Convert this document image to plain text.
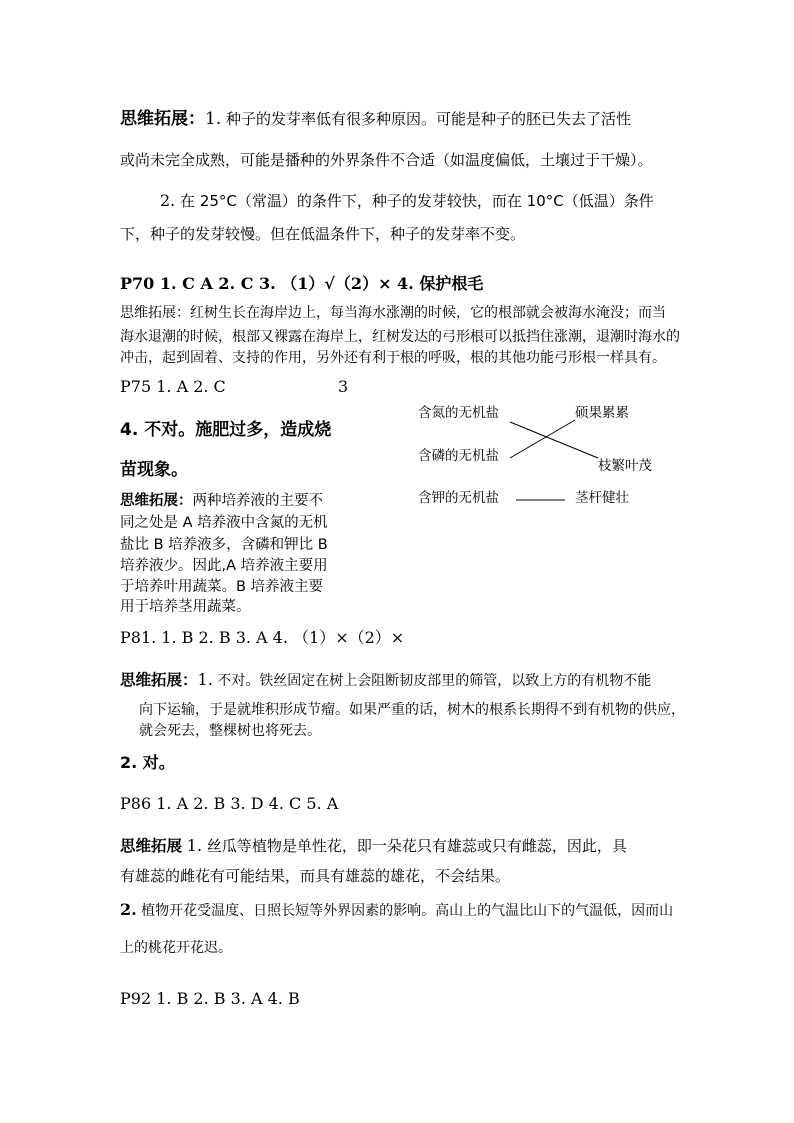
思维拓展：1. 种子的发芽率低有很多种原因。可能是种子的胚已失去了活性
或尚未完全成熟，可能是播种的外界条件不合适（如温度偏低，土壤过于干燥）。
2. 在 25°C（常温）的条件下，种子的发芽较快，而在 10°C（低温）条件
下，种子的发芽较慢。但在低温条件下，种子的发芽率不变。
P70 1. C A 2. C 3. （1）√（2）× 4. 保护根毛
思维拓展：红树生长在海岸边上，每当海水涨潮的时候，它的根部就会被海水淹没；而当
海水退潮的时候，根部又裸露在海岸上，红树发达的弓形根可以抵挡住涨潮，退潮时海水的
冲击，起到固着、支持的作用，另外还有利于根的呼吸，根的其他功能弓形根一样具有。
P75 1. A 2. C	3
4. 不对。施肥过多，造成烧
苗现象。
思维拓展：两种培养液的主要不
同之处是 A 培养液中含氮的无机
盐比 B 培养液多，含磷和钾比 B
培养液少。因此,A 培养液主要用
于培养叶用蔬菜。B 培养液主要
用于培养茎用蔬菜。
含氮的无机盐
含磷的无机盐
含钾的无机盐
硕果累累
枝繁叶茂
茎杆健壮
P81. 1. B 2. B 3. A 4. （1）×（2）×
思维拓展：1. 不对。铁丝固定在树上会阻断韧皮部里的筛管，以致上方的有机物不能
向下运输，于是就堆积形成节瘤。如果严重的话，树木的根系长期得不到有机物的供应，
就会死去，整棵树也将死去。
2. 对。
P86 1. A 2. B 3. D 4. C 5. A
思维拓展 1. 丝瓜等植物是单性花，即一朵花只有雄蕊或只有雌蕊，因此，具
有雄蕊的雌花有可能结果，而具有雄蕊的雄花，不会结果。
2. 植物开花受温度、日照长短等外界因素的影响。高山上的气温比山下的气温低，因而山
上的桃花开花迟。
P92 1. B 2. B 3. A 4. B
